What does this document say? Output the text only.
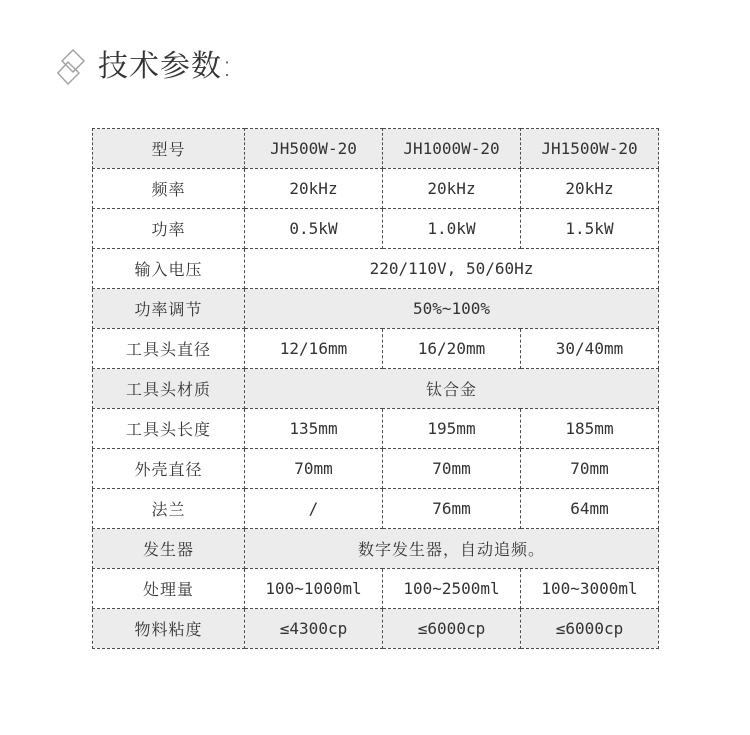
技术参数:
型号	JH500W-20	JH1000W-20	JH1500W-20
频率	20kHz	20kHz	20kHz
功率	0.5kW	1.0kW	1.5kW
输入电压	220/110V, 50/60Hz		
功率调节	50%~100%		
工具头直径	12/16mm	16/20mm	30/40mm
工具头材质	钛合金		
工具头长度	135mm	195mm	185mm
外壳直径	70mm	70mm	70mm
法兰	/	76mm	64mm
发生器	数字发生器，自动追频。		
处理量	100~1000ml	100~2500ml	100~3000ml
物料粘度	≤4300cp	≤6000cp	≤6000cp
